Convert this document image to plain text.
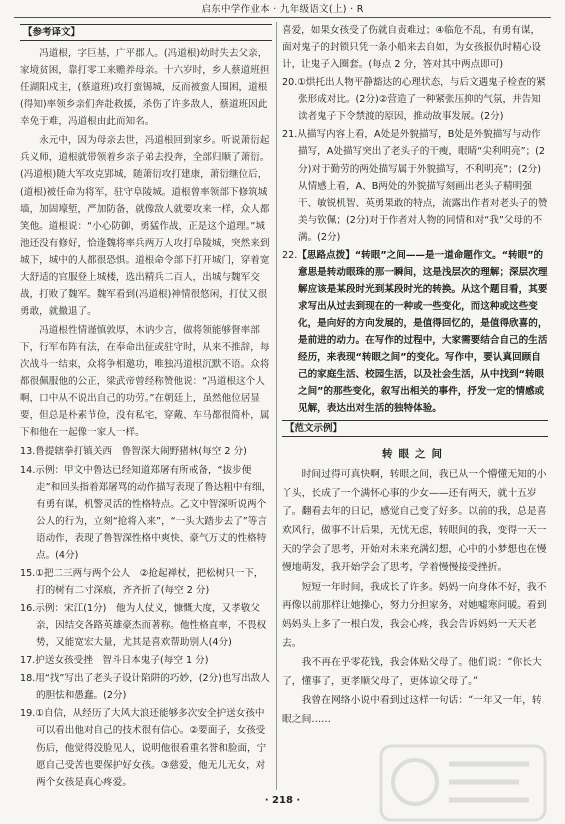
启东中学作业本 · 九年级语文(上) · R
【参考译文】

冯道根，字巨基，广平郡人。(冯道根)幼时失去父亲，家境贫困，靠打零工来赡养母亲。十六岁时，乡人蔡道班担任湖阳戍主，(蔡道班)攻打蛮锡城，反而被蛮人围困，道根(得知)率领乡亲们奔赴救援，杀伤了许多敌人，蔡道班因此幸免于难，冯道根由此而知名。

永元中，因为母亲去世，冯道根回到家乡。听说萧衍起兵义师，道根就带领着乡亲子弟去投奔，全部归顺了萧衍。(冯道根)随大军攻克郢城，随萧衍攻打建康，萧衍继位后，(道根)被任命为将军，驻守阜陵城。道根曾率领部下修筑城墙，加固壕堑，严加防备，就像敌人就要攻来一样，众人都笑他。道根说：“小心防御，勇猛作战，正是这个道理。”城池还没有修好，恰逢魏将率兵两万人攻打阜陵城，突然来到城下，城中的人都很恐惧。道根命令部下打开城门，穿着宽大舒适的官服登上城楼，选出精兵二百人，出城与魏军交战，打败了魏军。魏军看到(冯道根)神情很悠闲，打仗又很勇敢，就撤退了。

冯道根性情谨慎敦厚，木讷少言，做将领能够督率部下，行军布阵有法，在奉命出征或驻守时，从来不推辞，每次战斗一结束，众将争相邀功，唯独冯道根沉默不语。众将都很佩服他的公正，梁武帝曾经称赞他说：“冯道根这个人啊，口中从不说出自己的功劳。”在朝廷上，虽然他位居显要，但总是朴素节俭，没有私宅，穿戴、车马都很简朴，属下和他在一起像一家人一样。

13.鲁提辖拳打镇关西　鲁智深大闹野猪林(每空 2 分)
14.示例：甲文中鲁达已经知道郑屠有所戒备，“拔步便走”和回头指着郑屠骂的动作描写表现了鲁达粗中有细，有勇有谋，机警灵活的性格特点。乙文中智深听说两个公人的行为，立刻“抢将入来”，“一头大踏步去了”等言语动作，表现了鲁智深性格中爽快、豪气万丈的性格特点。(4分)
15.①把二三两与两个公人　②抢起禅杖，把松树只一下，打的树有二寸深痕，齐齐折了(每空 2 分)
16.示例：宋江(1分)　他为人仗义，慷慨大度，又孝敬父亲，因结交各路英雄豪杰而著称。他性格直率，不畏权势，又能宽宏大量，尤其是喜欢帮助别人(4分)
17.护送女孩受挫　智斗日本鬼子(每空 1 分)
18.用“找”写出了老头子设计陷阱的巧妙，(2分)也写出敌人的胆怯和愚蠢。(2分)
19.①自信，从经历了大风大浪还能够多次安全护送女孩中可以看出他对自己的技术很有信心。②要面子，女孩受伤后，他觉得没脸见人，说明他很看重名誉和脸面，宁愿自己受苦也要保护好女孩。③慈爱，他无儿无女，对两个女孩是真心疼爱。
喜爱，如果女孩受了伤就自责难过；④临危不乱，有勇有谋，面对鬼子的封锁只凭一条小船来去自如，为女孩报仇时精心设计，让鬼子入圈套。(每点 2 分，答对其中两点即可)
20.①烘托出人物平静豁达的心理状态，与后文遇鬼子检查的紧张形成对比。(2分)②营造了一种紧张压抑的气氛，并告知读者鬼子下令禁渡的原因，推动故事发展。(2分)
21.从描写内容上看，A处是外貌描写，B处是外貌描写与动作描写，A处描写突出了老头子的干瘦，眼睛“尖利明亮”；(2分)对于勤劳的两处描写属于外貌描写，不利明亮”；(2分)从情感上看，A、B两处的外貌描写刻画出老头子精明强干、敏锐机智、英勇果敢的特点，流露出作者对老头子的赞美与钦佩；(2分)对于作者对人物的同情和对“我”父母的不满。(2分)
22.【思路点拨】“转眼”之间——是一道命题作文。“转眼”的意思是转动眼珠的那一瞬间，这是浅层次的理解；深层次理解应该是某段时光到某段时光的转换。从这个题目看，其要求写出从过去到现在的一种或一些变化，而这种或这些变化，是向好的方向发展的，是值得回忆的，是值得欣喜的，是前进的动力。在写作的过程中，大家需要结合自己的生活经历，来表现“转眼之间”的变化。写作中，要认真回顾自己的家庭生活、校园生活，以及社会生活，从中找到“转眼之间”的那些变化，叙写出相关的事件，抒发一定的情感或见解，表达出对生活的独特体验。
【范文示例】
转眼之间

时间过得可真快啊，转眼之间，我已从一个懵懂无知的小丫头，长成了一个满怀心事的少女——还有两天，就十五岁了。翻看去年的日记，感觉自己变了好多。以前的我，总是喜欢风行，做事不计后果，无忧无虑，转眼间的我，变得一天一天的学会了思考，开始对未来充满幻想，心中的小梦想也在慢慢地萌发，我开始学会了思考，学着慢慢接受挫折。

短短一年时间，我成长了许多。妈妈一向身体不好，我不再像以前那样让她操心，努力分担家务，对她嘘寒问暖。看到妈妈头上多了一根白发，我会心疼，我会告诉妈妈一天天老去。

我不再在乎零花钱，我会体贴父母了。他们说：“你长大了，懂事了，更孝顺父母了，更体谅父母了。”

我曾在网络小说中看到过这样一句话：“一年又一年，转眼之间……

· 218 ·
